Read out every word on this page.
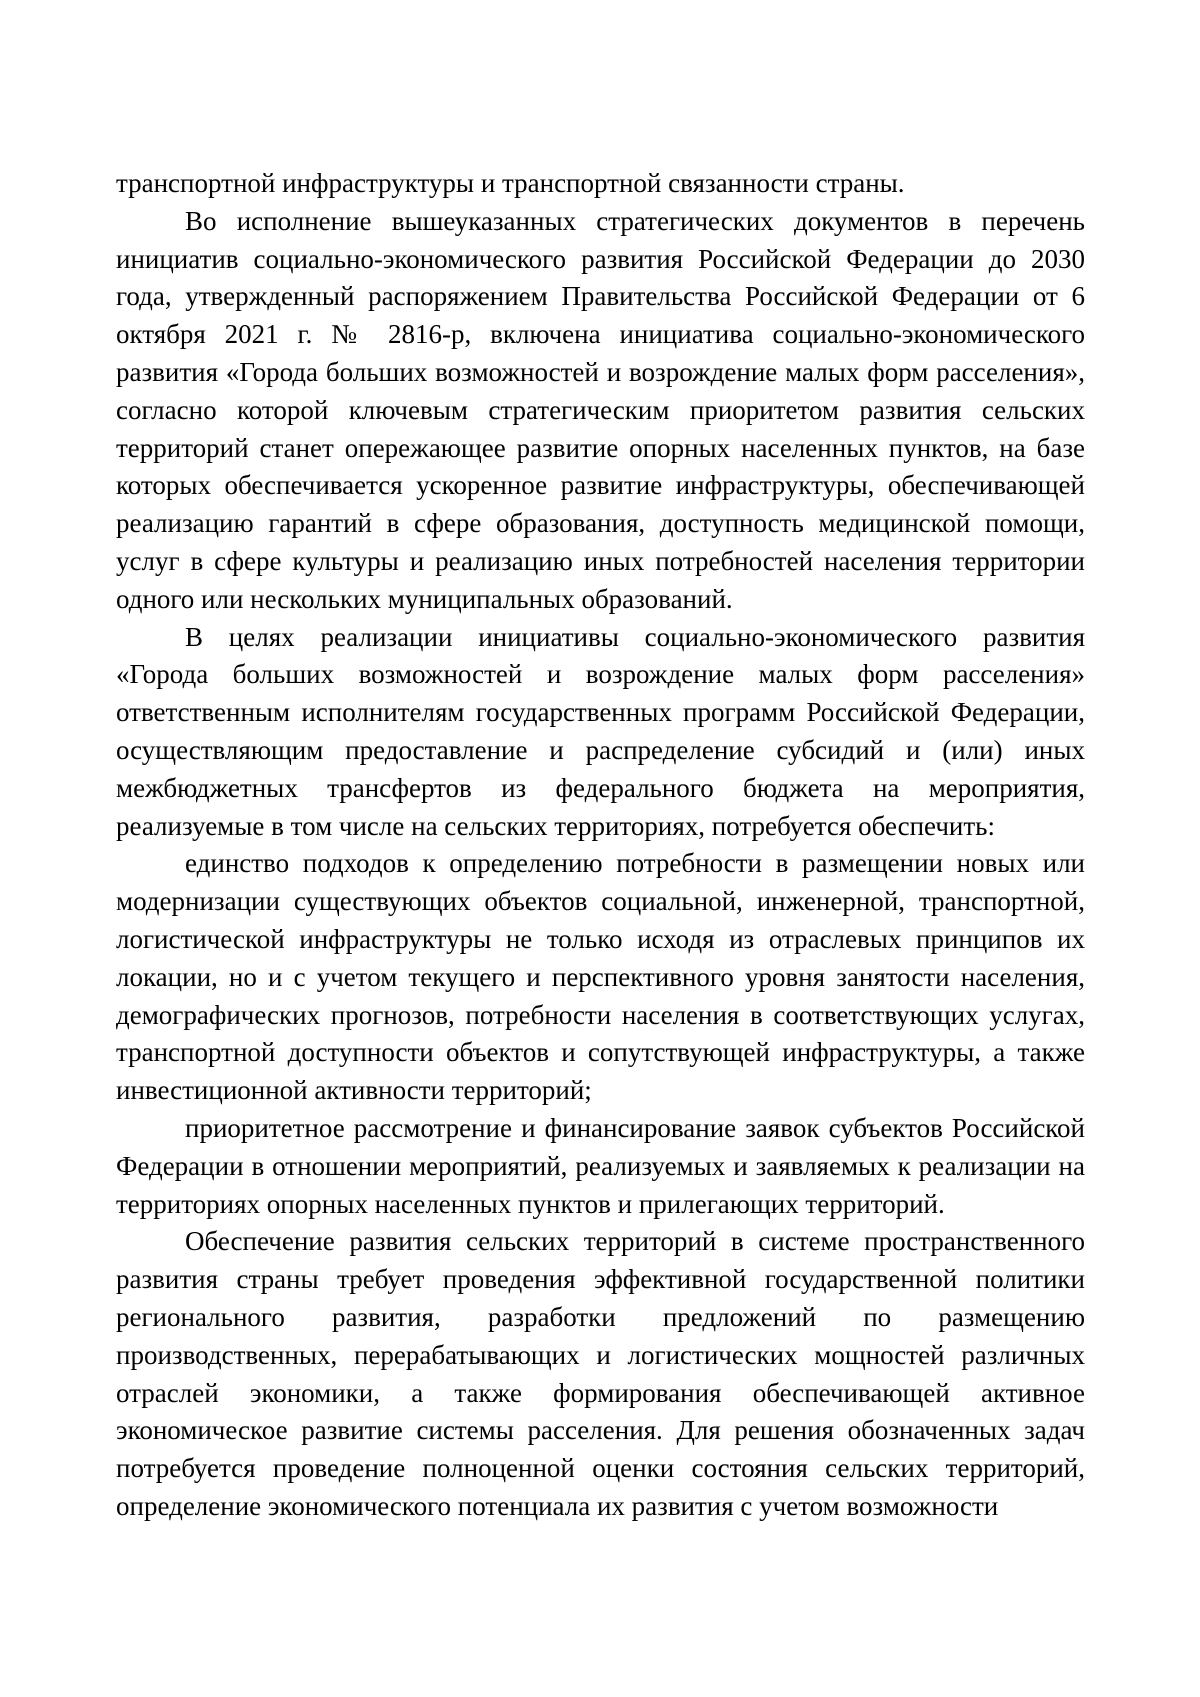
транспортной инфраструктуры и транспортной связанности страны.

Во исполнение вышеуказанных стратегических документов в перечень инициатив социально-экономического развития Российской Федерации до 2030 года, утвержденный распоряжением Правительства Российской Федерации от 6 октября 2021 г. № 2816-р, включена инициатива социально-экономического развития «Города больших возможностей и возрождение малых форм расселения», согласно которой ключевым стратегическим приоритетом развития сельских территорий станет опережающее развитие опорных населенных пунктов, на базе которых обеспечивается ускоренное развитие инфраструктуры, обеспечивающей реализацию гарантий в сфере образования, доступность медицинской помощи, услуг в сфере культуры и реализацию иных потребностей населения территории одного или нескольких муниципальных образований.

В целях реализации инициативы социально-экономического развития «Города больших возможностей и возрождение малых форм расселения» ответственным исполнителям государственных программ Российской Федерации, осуществляющим предоставление и распределение субсидий и (или) иных межбюджетных трансфертов из федерального бюджета на мероприятия, реализуемые в том числе на сельских территориях, потребуется обеспечить:

единство подходов к определению потребности в размещении новых или модернизации существующих объектов социальной, инженерной, транспортной, логистической инфраструктуры не только исходя из отраслевых принципов их локации, но и с учетом текущего и перспективного уровня занятости населения, демографических прогнозов, потребности населения в соответствующих услугах, транспортной доступности объектов и сопутствующей инфраструктуры, а также инвестиционной активности территорий;

приоритетное рассмотрение и финансирование заявок субъектов Российской Федерации в отношении мероприятий, реализуемых и заявляемых к реализации на территориях опорных населенных пунктов и прилегающих территорий.

Обеспечение развития сельских территорий в системе пространственного развития страны требует проведения эффективной государственной политики регионального развития, разработки предложений по размещению производственных, перерабатывающих и логистических мощностей различных отраслей экономики, а также формирования обеспечивающей активное экономическое развитие системы расселения. Для решения обозначенных задач потребуется проведение полноценной оценки состояния сельских территорий, определение экономического потенциала их развития с учетом возможности
